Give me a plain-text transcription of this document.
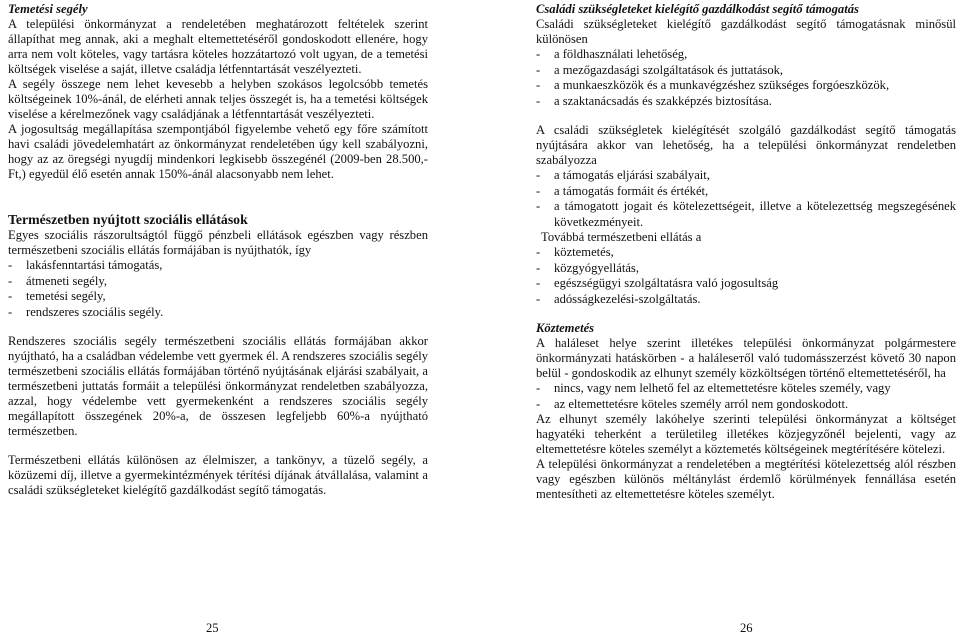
Temetési segély

A települési önkormányzat a rendeletében meghatározott feltételek szerint állapíthat meg annak, aki a meghalt eltemettetéséről gondoskodott ellenére, hogy arra nem volt köteles, vagy tartásra köteles hozzátartozó volt ugyan, de a temetési költségek viselése a saját, illetve családja létfenntartását veszélyezteti.

A segély összege nem lehet kevesebb a helyben szokásos legolcsóbb temetés költségeinek 10%-ánál, de elérheti annak teljes összegét is, ha a temetési költségek viselése a kérelmezőnek vagy családjának a létfenntartását veszélyezteti.

A jogosultság megállapítása szempontjából figyelembe vehető egy főre számított havi családi jövedelemhatárt az önkormányzat rendeletében úgy kell szabályozni, hogy az az öregségi nyugdíj mindenkori legkisebb összegénél (2009-ben 28.500,- Ft,) egyedül élő esetén annak 150%-ánál alacsonyabb nem lehet.

Természetben nyújtott szociális ellátások

Egyes szociális rászorultságtól függő pénzbeli ellátások egészben vagy részben természetbeni szociális ellátás formájában is nyújthatók, így

- lakásfenntartási támogatás,
- átmeneti segély,
- temetési segély,
- rendszeres szociális segély.

Rendszeres szociális segély természetbeni szociális ellátás formájában akkor nyújtható, ha a családban védelembe vett gyermek él. A rendszeres szociális segély természetbeni szociális ellátás formájában történő nyújtásának eljárási szabályait, a természetbeni juttatás formáit a települési önkormányzat rendeletben szabályozza, azzal, hogy védelembe vett gyermekenként a rendszeres szociális segély megállapított összegének 20%-a, de összesen legfeljebb 60%-a nyújtható természetben.

Természetbeni ellátás különösen az élelmiszer, a tankönyv, a tüzelő segély, a közüzemi díj, illetve a gyermekintézmények térítési díjának átvállalása, valamint a családi szükségleteket kielégítő gazdálkodást segítő támogatás.

Családi szükségleteket kielégítő gazdálkodást segítő támogatás

Családi szükségleteket kielégítő gazdálkodást segítő támogatásnak minősül különösen

- a földhasználati lehetőség,
- a mezőgazdasági szolgáltatások és juttatások,
- a munkaeszközök és a munkavégzéshez szükséges forgóeszközök,
- a szaktanácsadás és szakképzés biztosítása.

A családi szükségletek kielégítését szolgáló gazdálkodást segítő támogatás nyújtására akkor van lehetőség, ha a települési önkormányzat rendeletben szabályozza

- a támogatás eljárási szabályait,
- a támogatás formáit és értékét,
- a támogatott jogait és kötelezettségeit, illetve a kötelezettség megszegésének következményeit.

Továbbá természetbeni ellátás a

- köztemetés,
- közgyógyellátás,
- egészségügyi szolgáltatásra való jogosultság
- adósságkezelési-szolgáltatás.
Köztemetés

A haláleset helye szerint illetékes települési önkormányzat polgármestere önkormányzati hatáskörben - a haláleseтől való tudomásszerzést követő 30 napon belül - gondoskodik az elhunyt személy közköltségen történő eltemettetéséről, ha

- nincs, vagy nem lelhető fel az eltemettetésre köteles személy, vagy
- az eltemettetésre köteles személy arról nem gondoskodott.

Az elhunyt személy lakóhelye szerinti települési önkormányzat a költséget hagyatéki teherként a területileg illetékes közjegyzőnél bejelenti, vagy az eltemettetésre köteles személyt a köztemetés költségeinek megtérítésére kötelezi.

A települési önkormányzat a rendeletében a megtérítési kötelezettség alól részben vagy egészben különös méltánylást érdemlő körülmények fennállása esetén mentesítheti az eltemettetésre köteles személyt.

25	26
